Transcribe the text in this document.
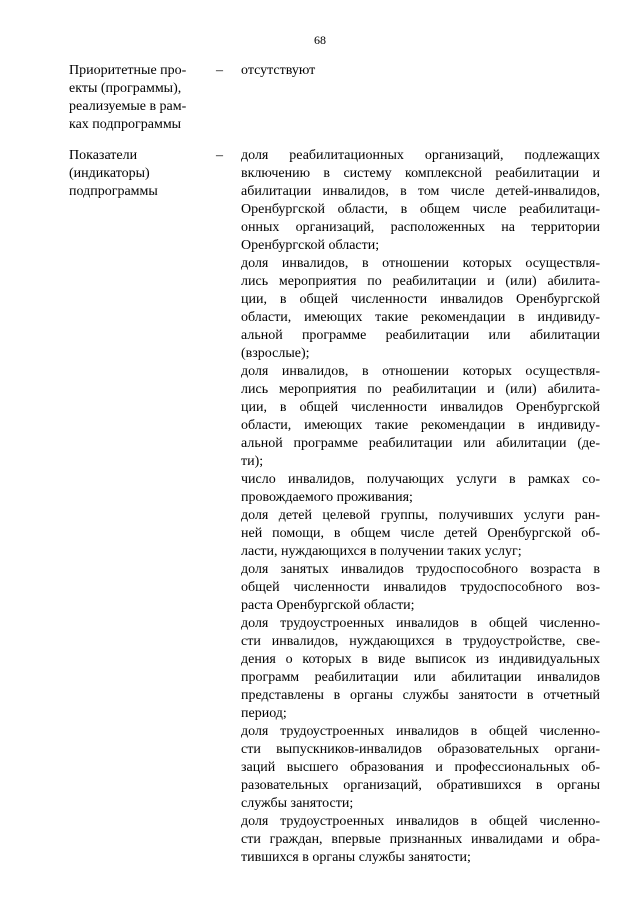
68
Приоритетные про-
екты (программы),
реализуемые в рам-
ках подпрограммы
– отсутствуют
Показатели
(индикаторы)
подпрограммы
– доля реабилитационных организаций, подлежащих
включению в систему комплексной реабилитации и
абилитации инвалидов, в том числе детей-инвалидов,
Оренбургской области, в общем числе реабилитаци-
онных организаций, расположенных на территории
Оренбургской области;
доля инвалидов, в отношении которых осуществля-
лись мероприятия по реабилитации и (или) абилита-
ции, в общей численности инвалидов Оренбургской
области, имеющих такие рекомендации в индивиду-
альной программе реабилитации или абилитации
(взрослые);
доля инвалидов, в отношении которых осуществля-
лись мероприятия по реабилитации и (или) абилита-
ции, в общей численности инвалидов Оренбургской
области, имеющих такие рекомендации в индивиду-
альной программе реабилитации или абилитации (де-
ти);
число инвалидов, получающих услуги в рамках со-
провождаемого проживания;
доля детей целевой группы, получивших услуги ран-
ней помощи, в общем числе детей Оренбургской об-
ласти, нуждающихся в получении таких услуг;
доля занятых инвалидов трудоспособного возраста в
общей численности инвалидов трудоспособного воз-
раста Оренбургской области;
доля трудоустроенных инвалидов в общей численно-
сти инвалидов, нуждающихся в трудоустройстве, све-
дения о которых в виде выписок из индивидуальных
программ реабилитации или абилитации инвалидов
представлены в органы службы занятости в отчетный
период;
доля трудоустроенных инвалидов в общей численно-
сти выпускников-инвалидов образовательных органи-
заций высшего образования и профессиональных об-
разовательных организаций, обратившихся в органы
службы занятости;
доля трудоустроенных инвалидов в общей численно-
сти граждан, впервые признанных инвалидами и обра-
тившихся в органы службы занятости;
